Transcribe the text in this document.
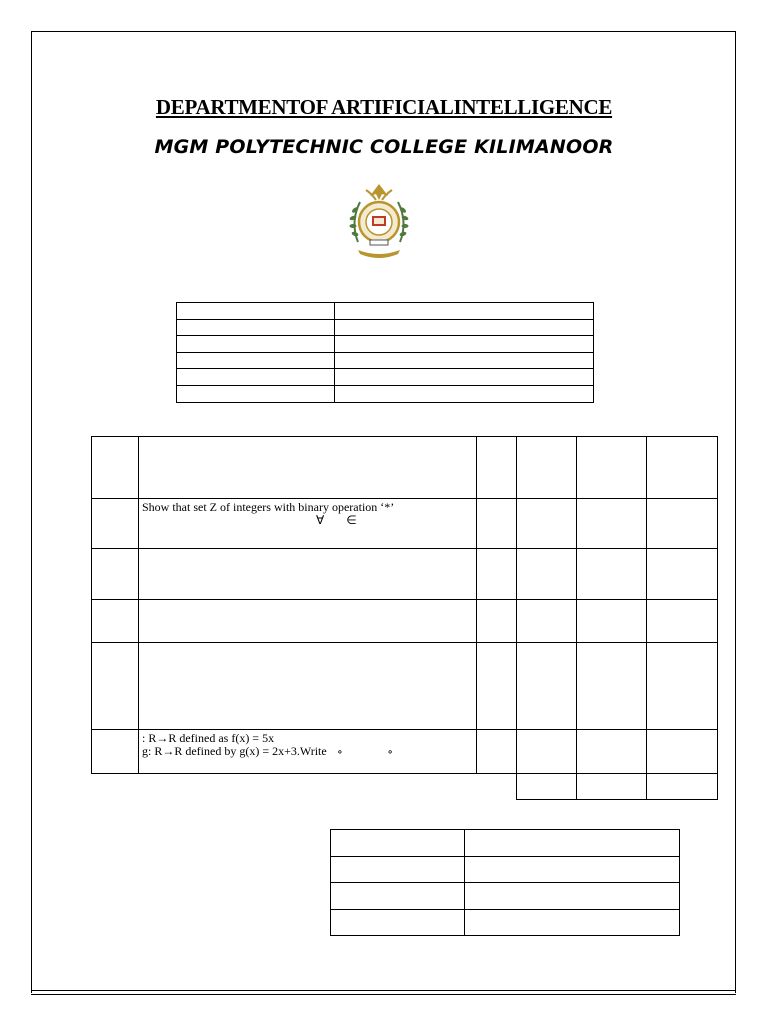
DEPARTMENTOF ARTIFICIALINTELLIGENCE
MGM POLYTECHNIC COLLEGE KILIMANOOR

	Show that set Z of integers with binary operation ‘*’
∀ ∈				

	: R→R defined as f(x) = 5x
g: R→R defined by g(x) = 2x+3.Write ∘ ∘				
